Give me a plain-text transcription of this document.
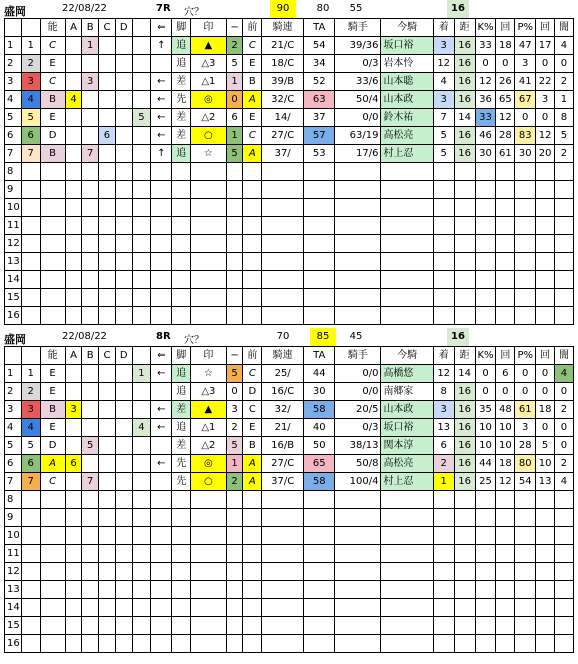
盛岡	22/08/22	7R 穴？	90	80	55	16
		能	A	B	C	D		⇐	脚	印	−	前	騎連	TA	騎手	今騎	着	距	K%	回	P%	回	闇
1	1	C		1				↑	追	▲	2	C	21/C	54	39/36	坂口裕	3	16	33	18	47	17	4
2	2	E							追	△3	5	E	18/C	34	0/3	岩本怜	12	16	0	0	3	0	0
3	3	C		3				←	差	△1	1	B	39/B	52	33/6	山本聡	4	16	12	26	41	22	2
4	4	B	4					←	先	◎	0	A	32/C	63	50/4	山本政	3	16	36	65	67	3	1
5	5	E					5	←	差	△2	6	E	14/	37	0/0	鈴木祐	7	14	33	12	0	0	8
6	6	D			6			←	差	○	1	C	27/C	57	63/19	高松亮	5	16	46	28	83	12	5
7	7	B		7				↑	追	☆	5	A	37/	53	17/6	村上忍	5	16	30	61	30	20	2
8																							
9																							
10																							
11																							
12																							
13																							
14																							
15																							
16																							
盛岡	22/08/22	8R 穴？	70	85	45	16
		能	A	B	C	D		⇐	脚	印	−	前	騎連	TA	騎手	今騎	着	距	K%	回	P%	回	闇
1	1	E					1	←	追	☆	5	C	25/	44	0/0	高橋悠	12	14	0	6	0	0	4
2	2	E							追	△3	0	D	16/C	30	0/0	南郷家	8	16	0	0	0	0	0
3	3	B	3					←	差	▲	3	C	32/	58	20/5	山本政	3	16	35	48	61	18	2
4	4	E					4	←	追	△1	2	E	21/	40	0/3	坂口裕	13	16	10	10	3	0	0
5	5	D		5					差	△2	5	B	16/B	50	38/13	関本淳	6	16	10	10	28	5	0
6	6	A	6					←	先	◎	1	A	27/C	65	50/8	高松亮	2	16	44	18	80	10	2
7	7	C		7					先	○	2	A	37/C	58	100/4	村上忍	1	16	25	12	54	13	4
8																							
9																							
10																							
11																							
12																							
13																							
14																							
15																							
16																							
